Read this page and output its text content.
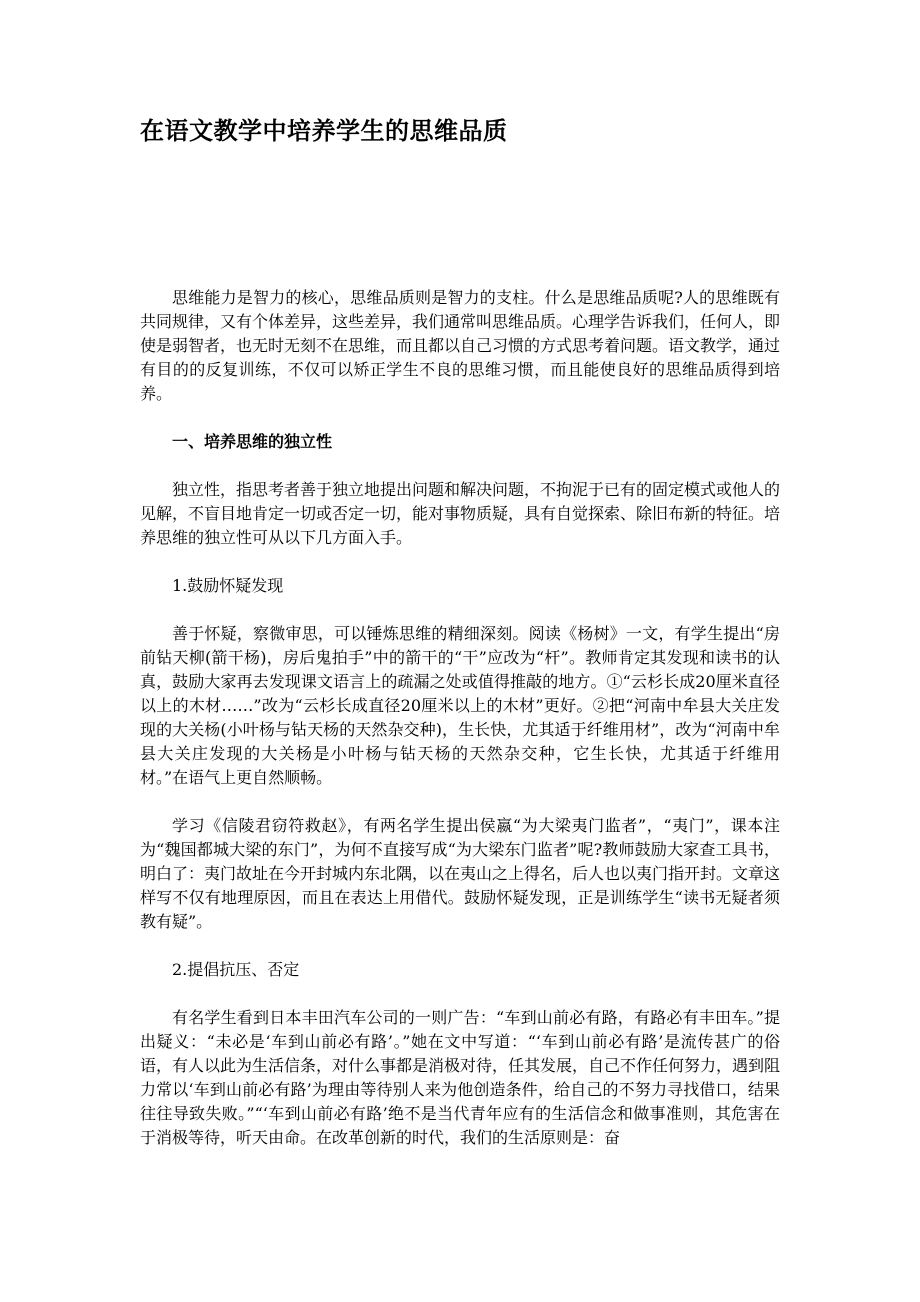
在语文教学中培养学生的思维品质

思维能力是智力的核心，思维品质则是智力的支柱。什么是思维品质呢?人的思维既有共同规律，又有个体差异，这些差异，我们通常叫思维品质。心理学告诉我们，任何人，即使是弱智者，也无时无刻不在思维，而且都以自己习惯的方式思考着问题。语文教学，通过有目的的反复训练，不仅可以矫正学生不良的思维习惯，而且能使良好的思维品质得到培养。

一、培养思维的独立性

独立性，指思考者善于独立地提出问题和解决问题，不拘泥于已有的固定模式或他人的见解，不盲目地肯定一切或否定一切，能对事物质疑，具有自觉探索、除旧布新的特征。培养思维的独立性可从以下几方面入手。

1.鼓励怀疑发现

善于怀疑，察微审思，可以锤炼思维的精细深刻。阅读《杨树》一文，有学生提出“房前钻天柳(箭干杨)，房后鬼拍手”中的箭干的“干”应改为“杆”。教师肯定其发现和读书的认真，鼓励大家再去发现课文语言上的疏漏之处或值得推敲的地方。①“云杉长成20厘米直径以上的木材……”改为“云杉长成直径20厘米以上的木材”更好。②把“河南中牟县大关庄发现的大关杨(小叶杨与钻天杨的天然杂交种)，生长快，尤其适于纤维用材”，改为“河南中牟县大关庄发现的大关杨是小叶杨与钻天杨的天然杂交种，它生长快，尤其适于纤维用材。”在语气上更自然顺畅。

学习《信陵君窃符救赵》，有两名学生提出侯嬴“为大梁夷门监者”，“夷门”，课本注为“魏国都城大梁的东门”，为何不直接写成“为大梁东门监者”呢?教师鼓励大家查工具书，明白了：夷门故址在今开封城内东北隅，以在夷山之上得名，后人也以夷门指开封。文章这样写不仅有地理原因，而且在表达上用借代。鼓励怀疑发现，正是训练学生“读书无疑者须教有疑”。

2.提倡抗压、否定

有名学生看到日本丰田汽车公司的一则广告：“车到山前必有路，有路必有丰田车。”提出疑义：“未必是‘车到山前必有路’。”她在文中写道：“‘车到山前必有路’是流传甚广的俗语，有人以此为生活信条，对什么事都是消极对待，任其发展，自己不作任何努力，遇到阻力常以‘车到山前必有路’为理由等待别人来为他创造条件，给自己的不努力寻找借口，结果往往导致失败。”“‘车到山前必有路’绝不是当代青年应有的生活信念和做事准则，其危害在于消极等待，听天由命。在改革创新的时代，我们的生活原则是：奋
